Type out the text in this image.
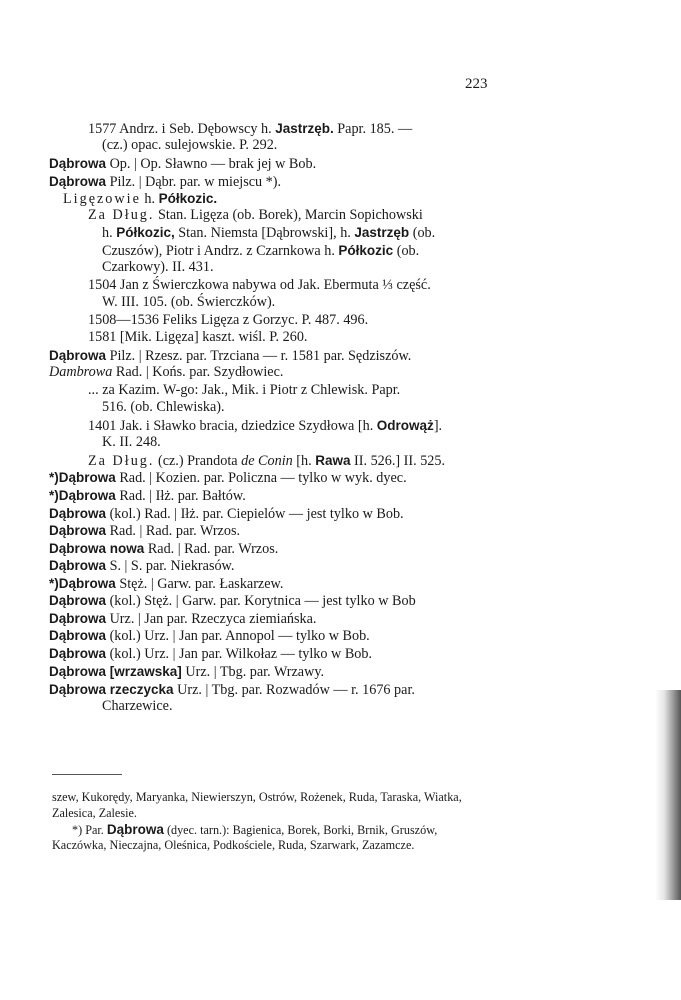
223
1577 Andrz. i Seb. Dębowscy h. Jastrzęb. Papr. 185. —
(cz.) opac. sulejowskie. P. 292.
Dąbrowa Op. | Op. Sławno — brak jej w Bob.
Dąbrowa Pilz. | Dąbr. par. w miejscu *).
Ligęzowie h. Półkozic.
Za Dług. Stan. Ligęza (ob. Borek), Marcin Sopichowski
h. Półkozic, Stan. Niemsta [Dąbrowski], h. Jastrzęb (ob.
Czuszów), Piotr i Andrz. z Czarnkowa h. Półkozic (ob.
Czarkowy). II. 431.
1504 Jan z Świerczkowa nabywa od Jak. Ebermuta ⅓ część.
W. III. 105. (ob. Świerczków).
1508—1536 Feliks Ligęza z Gorzyc. P. 487. 496.
1581 [Mik. Ligęza] kaszt. wiśl. P. 260.
Dąbrowa Pilz. | Rzesz. par. Trzciana — r. 1581 par. Sędziszów.
Dambrowa Rad. | Końs. par. Szydłowiec.
... za Kazim. W-go: Jak., Mik. i Piotr z Chlewisk. Papr.
516. (ob. Chlewiska).
1401 Jak. i Sławko bracia, dziedzice Szydłowa [h. Odrowąż].
K. II. 248.
Za Dług. (cz.) Prandota de Conin [h. Rawa II. 526.] II. 525.
*)Dąbrowa Rad. | Kozien. par. Policzna — tylko w wyk. dyec.
*)Dąbrowa Rad. | Iłż. par. Bałtów.
Dąbrowa (kol.) Rad. | Iłż. par. Ciepielów — jest tylko w Bob.
Dąbrowa Rad. | Rad. par. Wrzos.
Dąbrowa nowa Rad. | Rad. par. Wrzos.
Dąbrowa S. | S. par. Niekrasów.
*)Dąbrowa Stęż. | Garw. par. Łaskarzew.
Dąbrowa (kol.) Stęż. | Garw. par. Korytnica — jest tylko w Bob
Dąbrowa Urz. | Jan par. Rzeczyca ziemiańska.
Dąbrowa (kol.) Urz. | Jan par. Annopol — tylko w Bob.
Dąbrowa (kol.) Urz. | Jan par. Wilkołaz — tylko w Bob.
Dąbrowa [wrzawska] Urz. | Tbg. par. Wrzawy.
Dąbrowa rzeczycka Urz. | Tbg. par. Rozwadów — r. 1676 par.
Charzewice.
szew, Kukorędy, Maryanka, Niewierszyn, Ostrów, Rożenek, Ruda, Taraska, Wiatka,
Zalesica, Zalesie.
*) Par. Dąbrowa (dyec. tarn.): Bagienica, Borek, Borki, Brnik, Gruszów,
Kaczówka, Nieczajna, Oleśnica, Podkościele, Ruda, Szarwark, Zazamcze.
